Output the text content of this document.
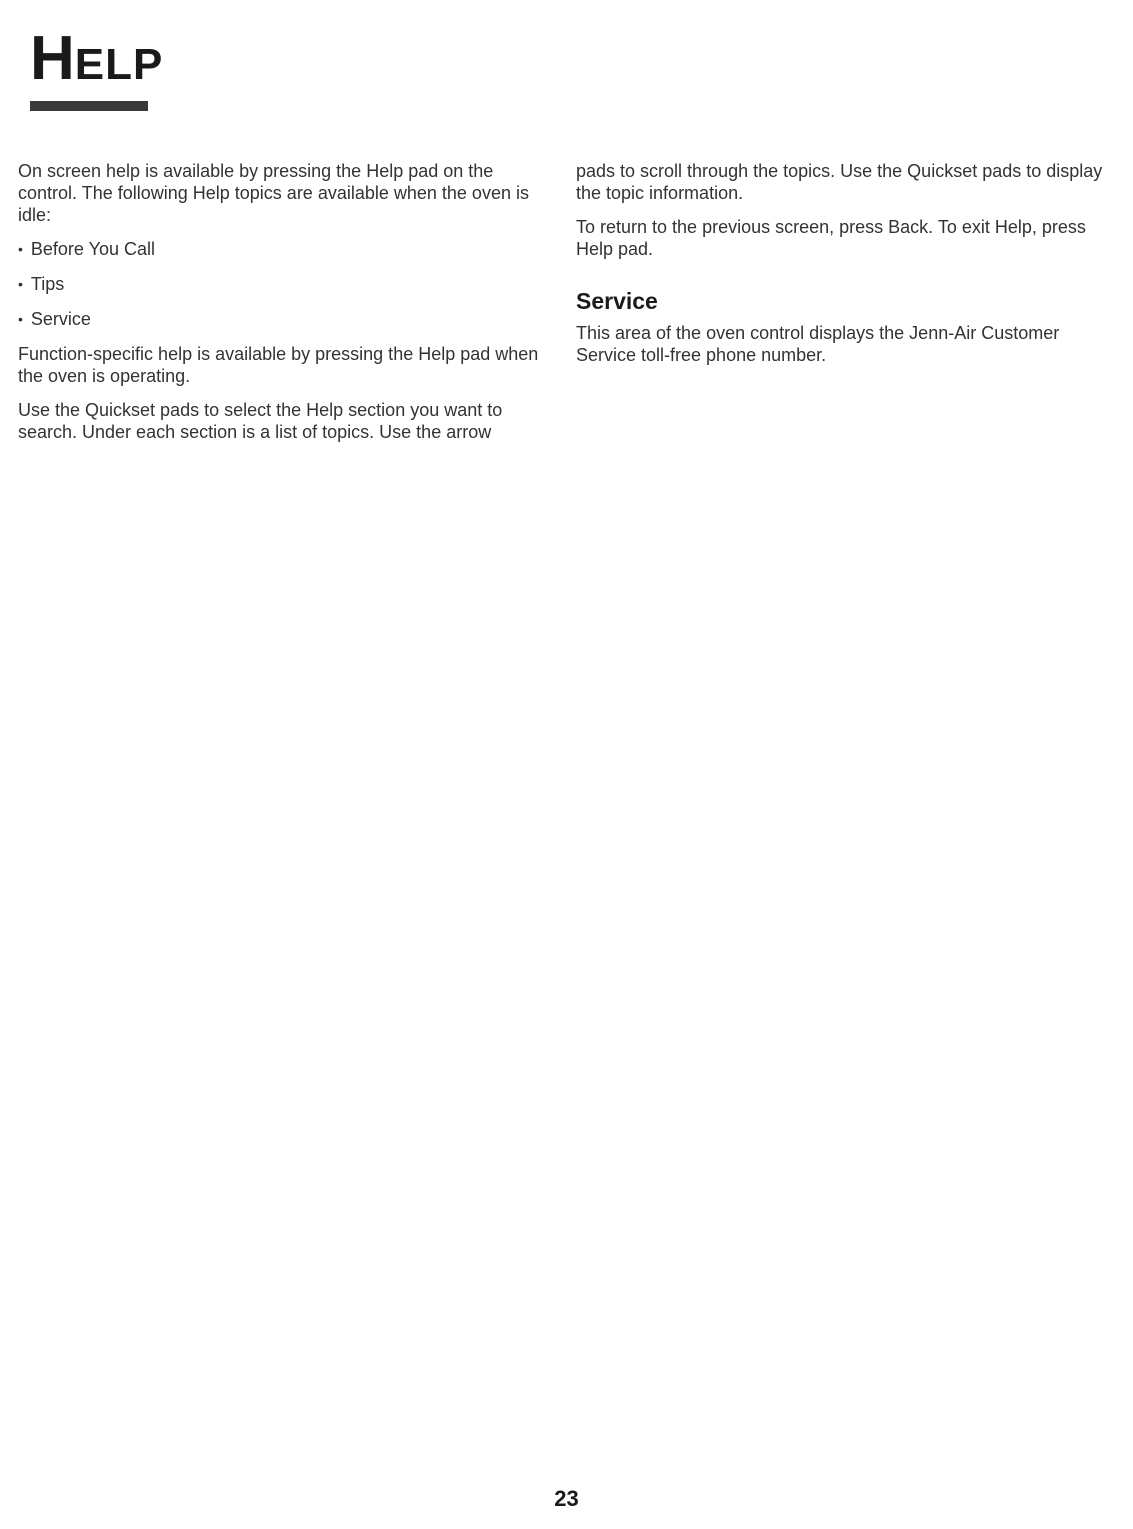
HELP

On screen help is available by pressing the Help pad on the control. The following Help topics are available when the oven is idle:

• Before You Call
• Tips
• Service

Function-specific help is available by pressing the Help pad when the oven is operating.

Use the Quickset pads to select the Help section you want to search. Under each section is a list of topics. Use the arrow

pads to scroll through the topics. Use the Quickset pads to display the topic information.

To return to the previous screen, press Back. To exit Help, press Help pad.

Service

This area of the oven control displays the Jenn-Air Customer Service toll-free phone number.

23
